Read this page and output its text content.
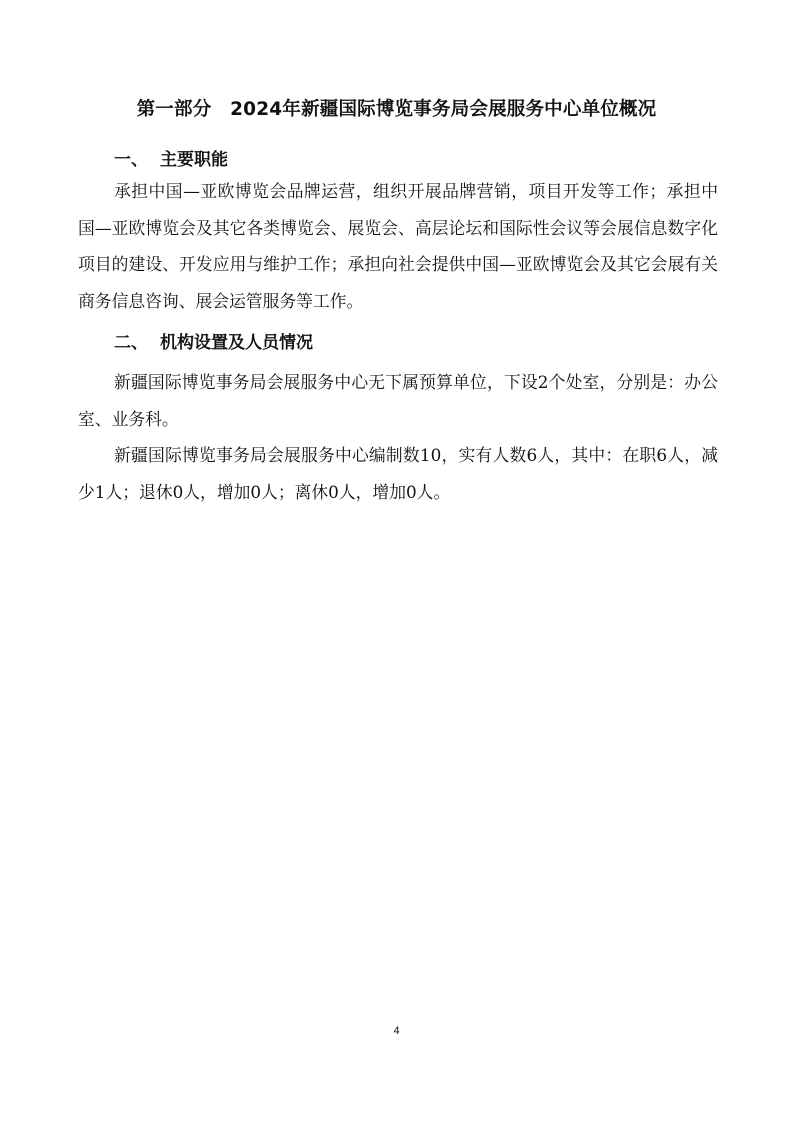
第一部分　2024年新疆国际博览事务局会展服务中心单位概况
一、 主要职能
承担中国—亚欧博览会品牌运营，组织开展品牌营销，项目开发等工作；承担中国—亚欧博览会及其它各类博览会、展览会、高层论坛和国际性会议等会展信息数字化项目的建设、开发应用与维护工作；承担向社会提供中国—亚欧博览会及其它会展有关商务信息咨询、展会运管服务等工作。
二、 机构设置及人员情况
新疆国际博览事务局会展服务中心无下属预算单位，下设2个处室，分别是：办公室、业务科。
新疆国际博览事务局会展服务中心编制数10，实有人数6人，其中：在职6人，减少1人；退休0人，增加0人；离休0人，增加0人。
4
